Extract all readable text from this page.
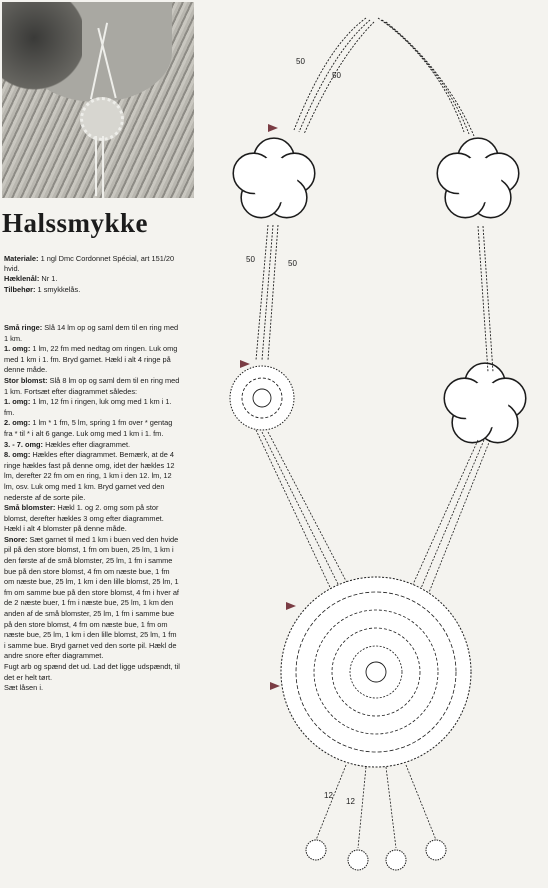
Halssmykke

Materiale: 1 ngl Dmc Cordonnet Spécial, art 151/20 hvid.

Hæklenål: Nr 1.

Tilbehør: 1 smykkelås.

Små ringe: Slå 14 lm op og saml dem til en ring med 1 km.

1. omg: 1 lm, 22 fm med nedtag om ringen. Luk omg med 1 km i 1. fm. Bryd garnet. Hækl i alt 4 ringe på denne måde.

Stor blomst: Slå 8 lm op og saml dem til en ring med 1 km. Fortsæt efter diagrammet således:

1. omg: 1 lm, 12 fm i ringen, luk omg med 1 km i 1. fm.

2. omg: 1 lm * 1 fm, 5 lm, spring 1 fm over * gentag fra * til * i alt 6 gange. Luk omg med 1 km i 1. fm.

3. - 7. omg: Hækles efter diagrammet.

8. omg: Hækles efter diagrammet. Bemærk, at de 4 ringe hækles fast på denne omg, idet der hækles 12 lm, derefter 22 fm om en ring, 1 km i den 12. lm, 12 lm, osv. Luk omg med 1 km. Bryd garnet ved den nederste af de sorte pile.

Små blomster: Hækl 1. og 2. omg som på stor blomst, derefter hækles 3 omg efter diagrammet. Hækl i alt 4 blomster på denne måde.

Snore: Sæt garnet til med 1 km i buen ved den hvide pil på den store blomst, 1 fm om buen, 25 lm, 1 km i den første af de små blomster, 25 lm, 1 fm i samme bue på den store blomst, 4 fm om næste bue, 1 fm om næste bue, 25 lm, 1 km i den lille blomst, 25 lm, 1 fm om samme bue på den store blomst, 4 fm i hver af de 2 næste buer, 1 fm i næste bue, 25 lm, 1 km den anden af de små blomster, 25 lm, 1 fm i samme bue på den store blomst, 4 fm om næste bue, 1 fm om næste bue, 25 lm, 1 km i den lille blomst, 25 lm, 1 fm i samme bue. Bryd garnet ved den sorte pil. Hækl de andre snore efter diagrammet.

Fugt arb og spænd det ud. Lad det ligge udspændt, til det er helt tørt.

Sæt låsen i.

50
50
50	50
12
12
